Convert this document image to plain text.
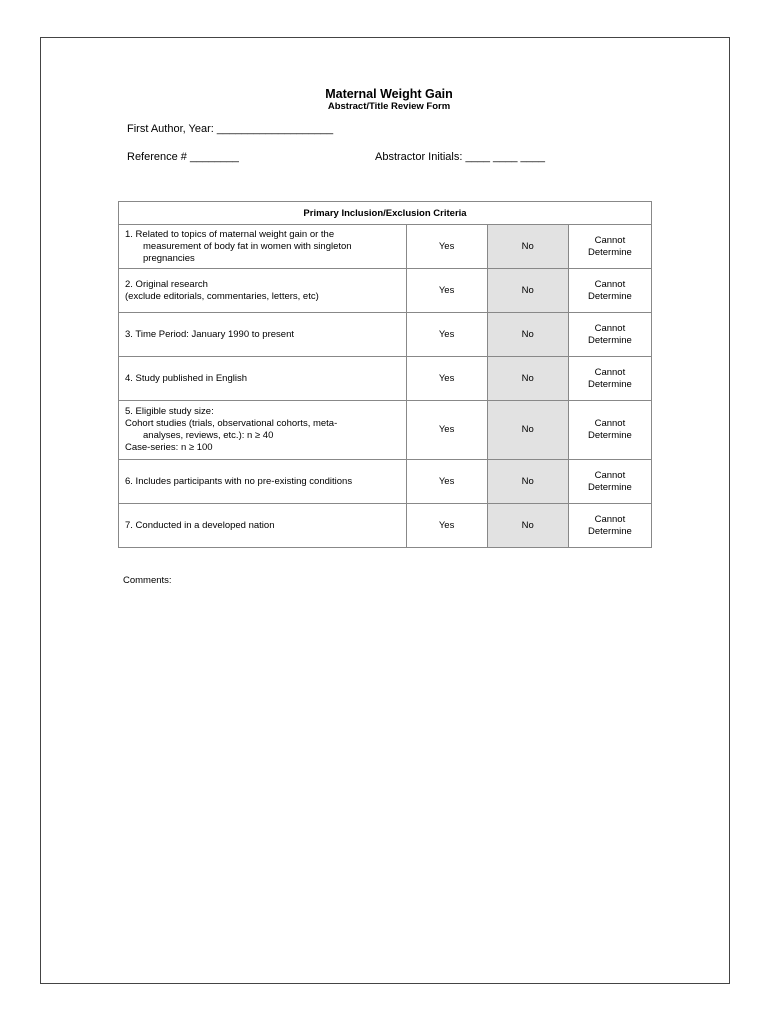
Maternal Weight Gain
Abstract/Title Review Form
First Author, Year: ___________________
Reference # ________	Abstractor Initials: ____ ____ ____
Primary Inclusion/Exclusion Criteria			
1. Related to topics of maternal weight gain or the
measurement of body fat in women with singleton
pregnancies	Yes	No	Cannot
Determine
2. Original research
(exclude editorials, commentaries, letters, etc)	Yes	No	Cannot
Determine
3. Time Period: January 1990 to present	Yes	No	Cannot
Determine
4. Study published in English	Yes	No	Cannot
Determine
5. Eligible study size:
Cohort studies (trials, observational cohorts, meta-
analyses, reviews, etc.): n ≥ 40
Case-series: n ≥ 100	Yes	No	Cannot
Determine
6. Includes participants with no pre-existing conditions	Yes	No	Cannot
Determine
7. Conducted in a developed nation	Yes	No	Cannot
Determine
Comments:
